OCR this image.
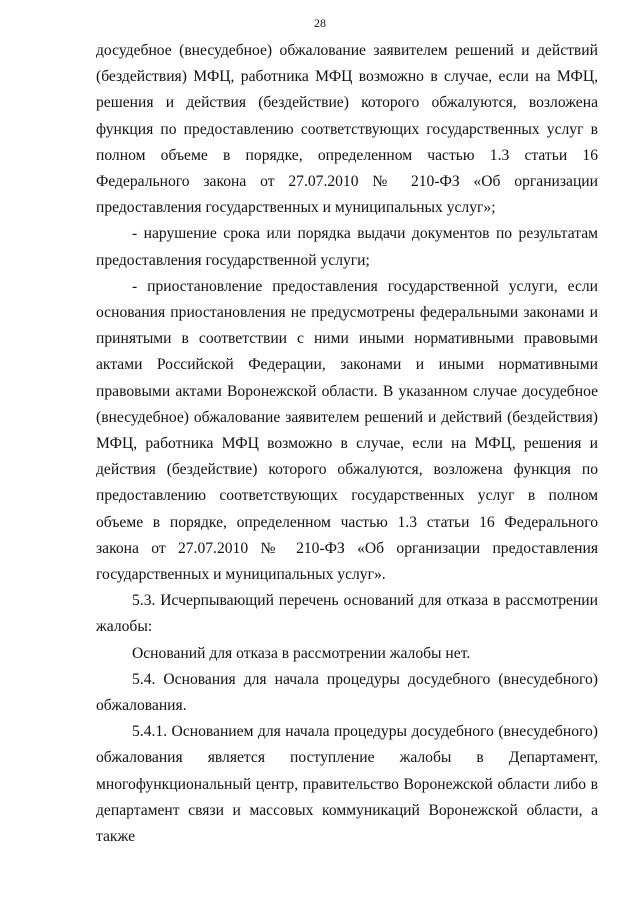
28

досудебное (внесудебное) обжалование заявителем решений и действий (бездействия) МФЦ, работника МФЦ возможно в случае, если на МФЦ, решения и действия (бездействие) которого обжалуются, возложена функция по предоставлению соответствующих государственных услуг в полном объеме в порядке, определенном частью 1.3 статьи 16 Федерального закона от 27.07.2010 № 210-ФЗ «Об организации предоставления государственных и муниципальных услуг»;

- нарушение срока или порядка выдачи документов по результатам предоставления государственной услуги;

- приостановление предоставления государственной услуги, если основания приостановления не предусмотрены федеральными законами и принятыми в соответствии с ними иными нормативными правовыми актами Российской Федерации, законами и иными нормативными правовыми актами Воронежской области. В указанном случае досудебное (внесудебное) обжалование заявителем решений и действий (бездействия) МФЦ, работника МФЦ возможно в случае, если на МФЦ, решения и действия (бездействие) которого обжалуются, возложена функция по предоставлению соответствующих государственных услуг в полном объеме в порядке, определенном частью 1.3 статьи 16 Федерального закона от 27.07.2010 № 210-ФЗ «Об организации предоставления государственных и муниципальных услуг».

5.3. Исчерпывающий перечень оснований для отказа в рассмотрении жалобы:

Оснований для отказа в рассмотрении жалобы нет.

5.4. Основания для начала процедуры досудебного (внесудебного) обжалования.

5.4.1. Основанием для начала процедуры досудебного (внесудебного) обжалования является поступление жалобы в Департамент, многофункциональный центр, правительство Воронежской области либо в департамент связи и массовых коммуникаций Воронежской области, а также
